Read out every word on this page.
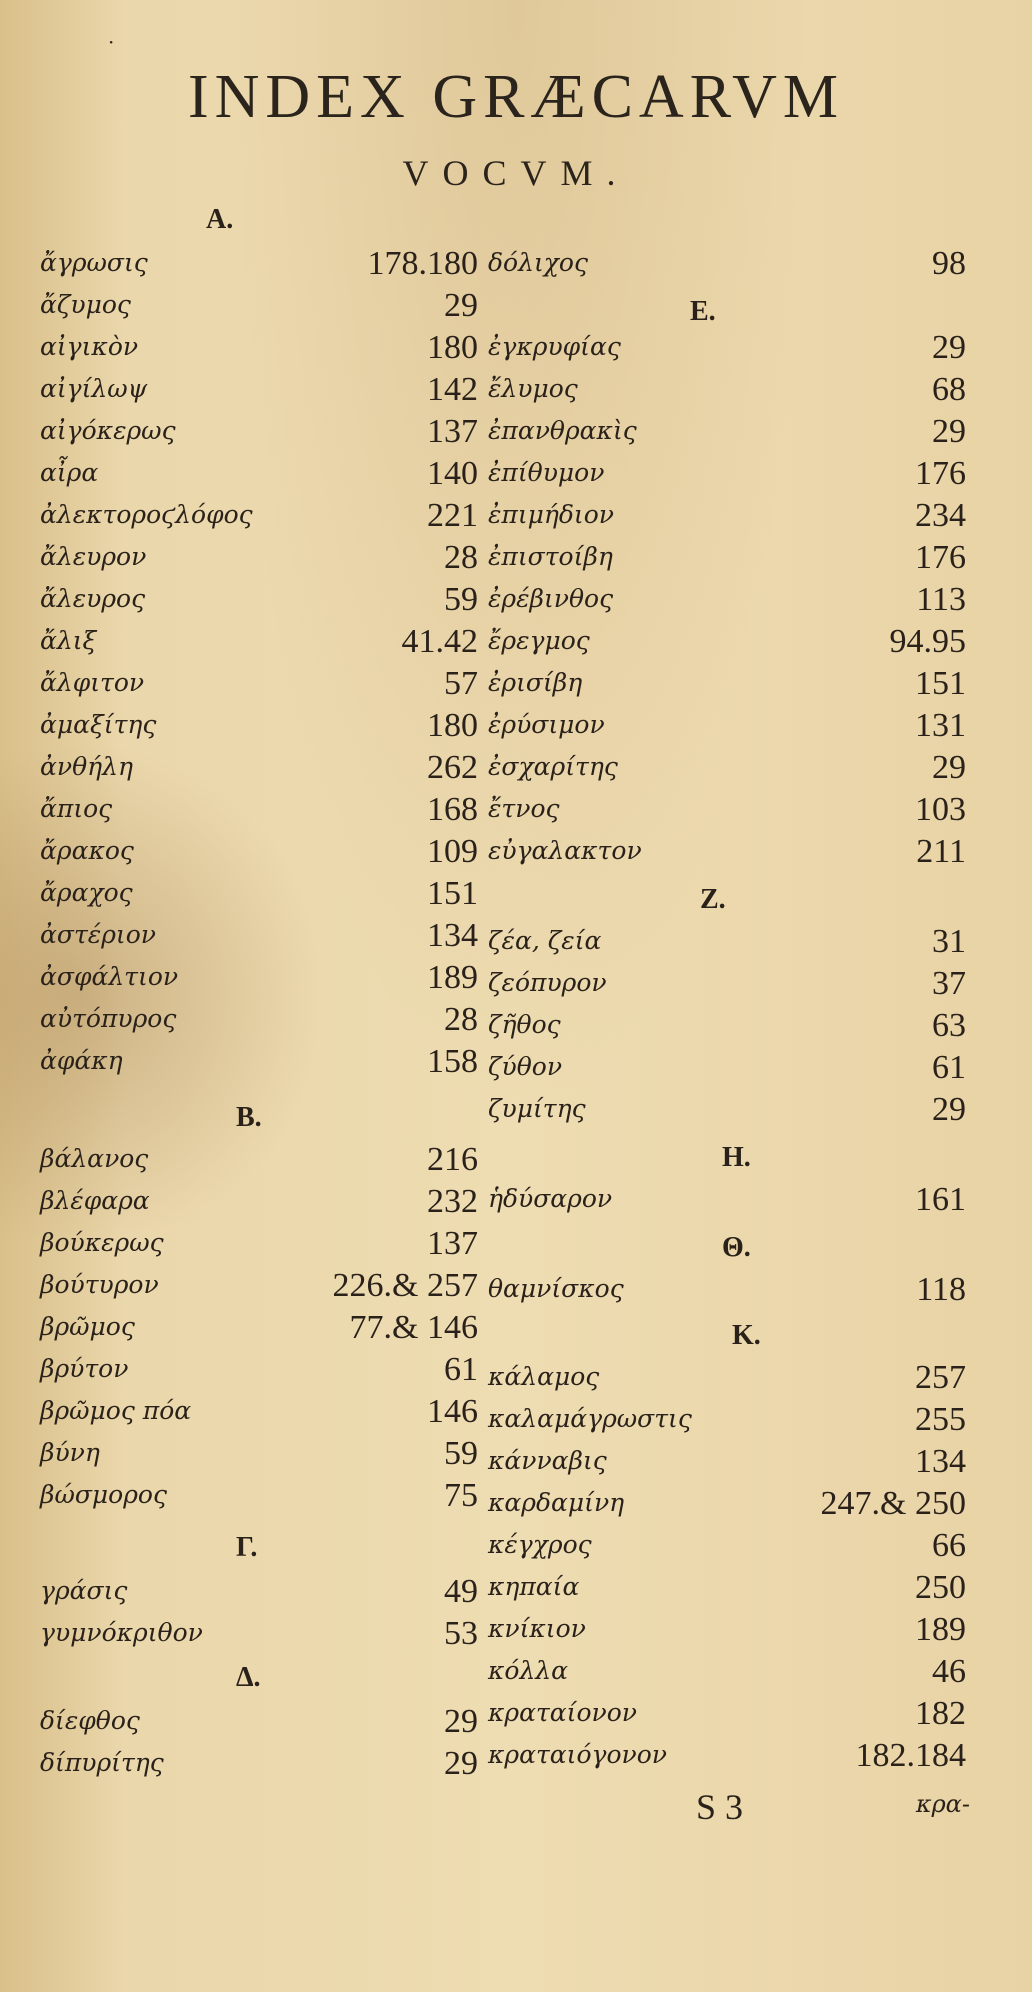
·
INDEX GRÆCARVM
VOCVM.
A.
ἄγρωσις	178.180
ἄζυμος	29
αἰγικὸν	180
αἰγίλωψ	142
αἰγόκερως	137
αἶρα	140
ἀλεκτοροϛλόφος	221
ἄλευρον	28
ἄλευρος	59
ἄλιξ	41.42
ἄλφιτον	57
ἀμαξίτης	180
ἀνθήλη	262
ἄπιος	168
ἄρακος	109
ἄραχος	151
ἀστέριον	134
ἀσφάλτιον	189
αὐτόπυρος	28
ἀφάκη	158
B.
βάλανος	216
βλέφαρα	232
βούκερως	137
βούτυρον	226.& 257
βρῶμος	77.& 146
βρύτον	61
βρῶμος πόα	146
βύνη	59
βώσμορος	75
Γ.
γράσις	49
γυμνόκριθον	53
Δ.
δίεφθος	29
δίπυρίτης	29
δόλιχος	98
E.
ἐγκρυφίας	29
ἔλυμος	68
ἐπανθρακὶς	29
ἐπίθυμον	176
ἐπιμήδιον	234
ἐπιστοίβη	176
ἐρέβινθος	113
ἔρεγμος	94.95
ἐρισίβη	151
ἐρύσιμον	131
ἐσχαρίτης	29
ἔτνος	103
εὐγαλακτον	211
Z.
ζέα, ζεία	31
ζεόπυρον	37
ζῆθος	63
ζύθον	61
ζυμίτης	29
H.
ἡδύσαρον	161
Θ.
θαμνίσκος	118
K.
κάλαμος	257
καλαμάγρωστις	255
κάνναβις	134
καρδαμίνη	247.& 250
κέγχρος	66
κηπαία	250
κνίκιον	189
κόλλα	46
κραταίονον	182
κραταιόγονον	182.184
S 3	κρα-
